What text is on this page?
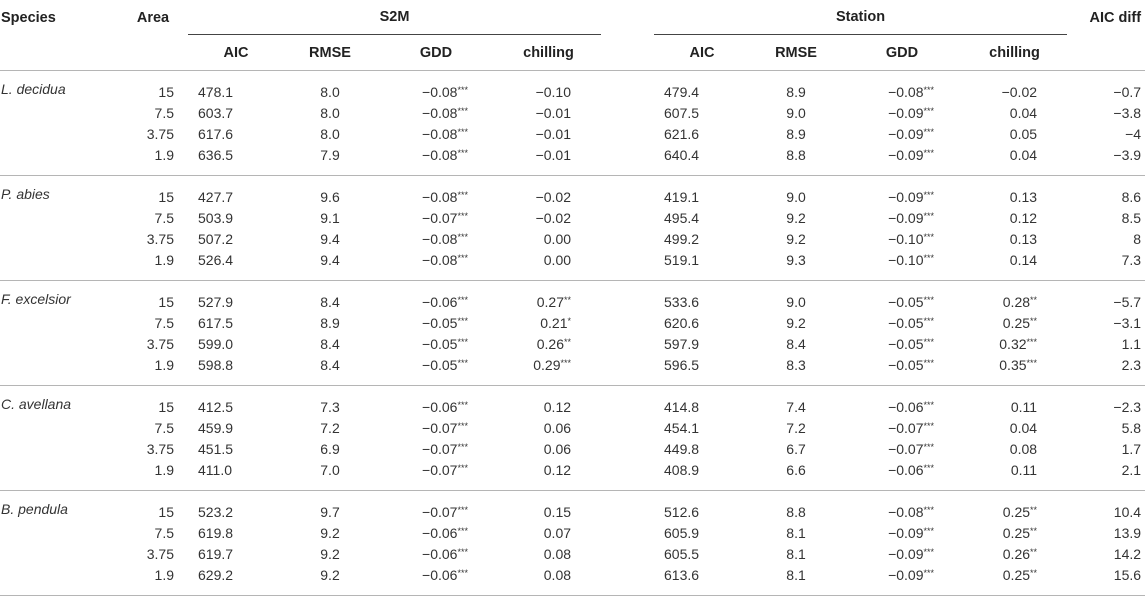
Species	Area	S2M					Station				AIC diff
		AIC	RMSE	GDD	chilling		AIC	RMSE	GDD	chilling	
L. decidua	15	478.1	8.0	−0.08***	−0.10		479.4	8.9	−0.08***	−0.02	−0.7
	7.5	603.7	8.0	−0.08***	−0.01		607.5	9.0	−0.09***	0.04	−3.8
	3.75	617.6	8.0	−0.08***	−0.01		621.6	8.9	−0.09***	0.05	−4
	1.9	636.5	7.9	−0.08***	−0.01		640.4	8.8	−0.09***	0.04	−3.9
P. abies	15	427.7	9.6	−0.08***	−0.02		419.1	9.0	−0.09***	0.13	8.6
	7.5	503.9	9.1	−0.07***	−0.02		495.4	9.2	−0.09***	0.12	8.5
	3.75	507.2	9.4	−0.08***	0.00		499.2	9.2	−0.10***	0.13	8
	1.9	526.4	9.4	−0.08***	0.00		519.1	9.3	−0.10***	0.14	7.3
F. excelsior	15	527.9	8.4	−0.06***	0.27**		533.6	9.0	−0.05***	0.28**	−5.7
	7.5	617.5	8.9	−0.05***	0.21*		620.6	9.2	−0.05***	0.25**	−3.1
	3.75	599.0	8.4	−0.05***	0.26**		597.9	8.4	−0.05***	0.32***	1.1
	1.9	598.8	8.4	−0.05***	0.29***		596.5	8.3	−0.05***	0.35***	2.3
C. avellana	15	412.5	7.3	−0.06***	0.12		414.8	7.4	−0.06***	0.11	−2.3
	7.5	459.9	7.2	−0.07***	0.06		454.1	7.2	−0.07***	0.04	5.8
	3.75	451.5	6.9	−0.07***	0.06		449.8	6.7	−0.07***	0.08	1.7
	1.9	411.0	7.0	−0.07***	0.12		408.9	6.6	−0.06***	0.11	2.1
B. pendula	15	523.2	9.7	−0.07***	0.15		512.6	8.8	−0.08***	0.25**	10.4
	7.5	619.8	9.2	−0.06***	0.07		605.9	8.1	−0.09***	0.25**	13.9
	3.75	619.7	9.2	−0.06***	0.08		605.5	8.1	−0.09***	0.26**	14.2
	1.9	629.2	9.2	−0.06***	0.08		613.6	8.1	−0.09***	0.25**	15.6
